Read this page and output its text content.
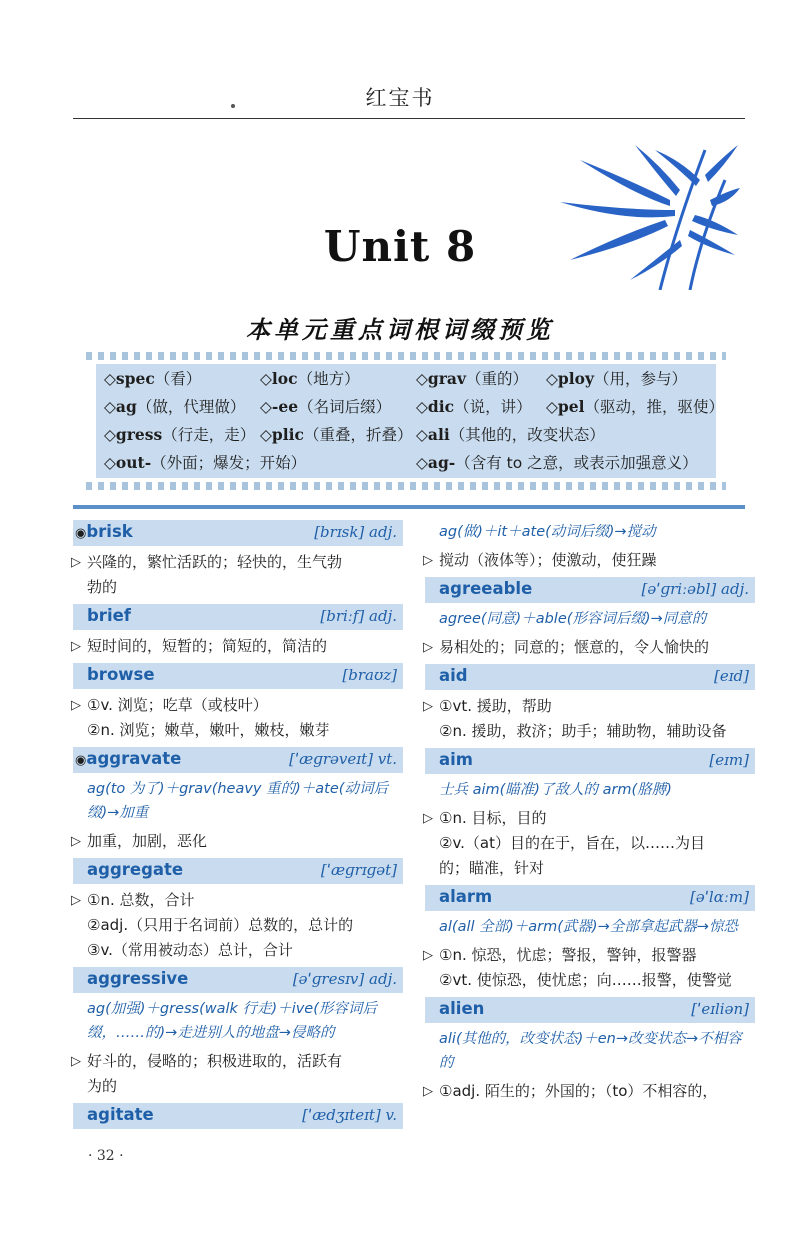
红宝书
Unit 8
本单元重点词根词缀预览
◇spec（看）	◇loc（地方）	◇grav（重的） ◇ploy（用，参与）
◇ag（做，代理做） ◇-ee（名词后缀） ◇dic（说，讲） ◇pel（驱动，推，驱使）
◇gress（行走，走） ◇plic（重叠，折叠） ◇ali（其他的，改变状态）
◇out-（外面；爆发；开始）	◇ag-（含有 to 之意，或表示加强意义）
◉brisk	[brɪsk] adj.
▷ 兴隆的，繁忙活跃的；轻快的，生气勃
勃的
brief	[briːf] adj.
▷ 短时间的，短暂的；简短的，简洁的
browse	[braʊz]
▷ ①v. 浏览；吃草（或枝叶）
②n. 浏览；嫩草，嫩叶，嫩枝，嫩芽
◉aggravate	[ˈæɡrəveɪt] vt.
ag(to 为了)＋grav(heavy 重的)＋ate(动词后缀)→加重
▷ 加重，加剧，恶化
aggregate	[ˈæɡrɪɡət]
▷ ①n. 总数，合计
②adj.（只用于名词前）总数的，总计的
③v.（常用被动态）总计，合计
aggressive	[əˈɡresɪv] adj.
ag(加强)＋gress(walk 行走)＋ive(形容词后缀，……的)→走进别人的地盘→侵略的
▷ 好斗的，侵略的；积极进取的，活跃有
为的
agitate	[ˈædʒɪteɪt] v.
ag(做)＋it＋ate(动词后缀)→搅动
▷ 搅动（液体等）；使激动，使狂躁
agreeable	[əˈɡriːəbl] adj.
agree(同意)＋able(形容词后缀)→同意的
▷ 易相处的；同意的；惬意的，令人愉快的
aid	[eɪd]
▷ ①vt. 援助，帮助
②n. 援助，救济；助手；辅助物，辅助设备
aim	[eɪm]
士兵 aim(瞄准)了敌人的 arm(胳膊)
▷ ①n. 目标，目的
②v.（at）目的在于，旨在，以……为目
的；瞄准，针对
alarm	[əˈlɑːm]
al(all 全部)＋arm(武器)→全部拿起武器→惊恐
▷ ①n. 惊恐，忧虑；警报，警钟，报警器
②vt. 使惊恐，使忧虑；向……报警，使警觉
alien	[ˈeɪliən]
ali(其他的，改变状态)＋en→改变状态→不相容的
▷ ①adj. 陌生的；外国的；（to）不相容的，
· 32 ·
